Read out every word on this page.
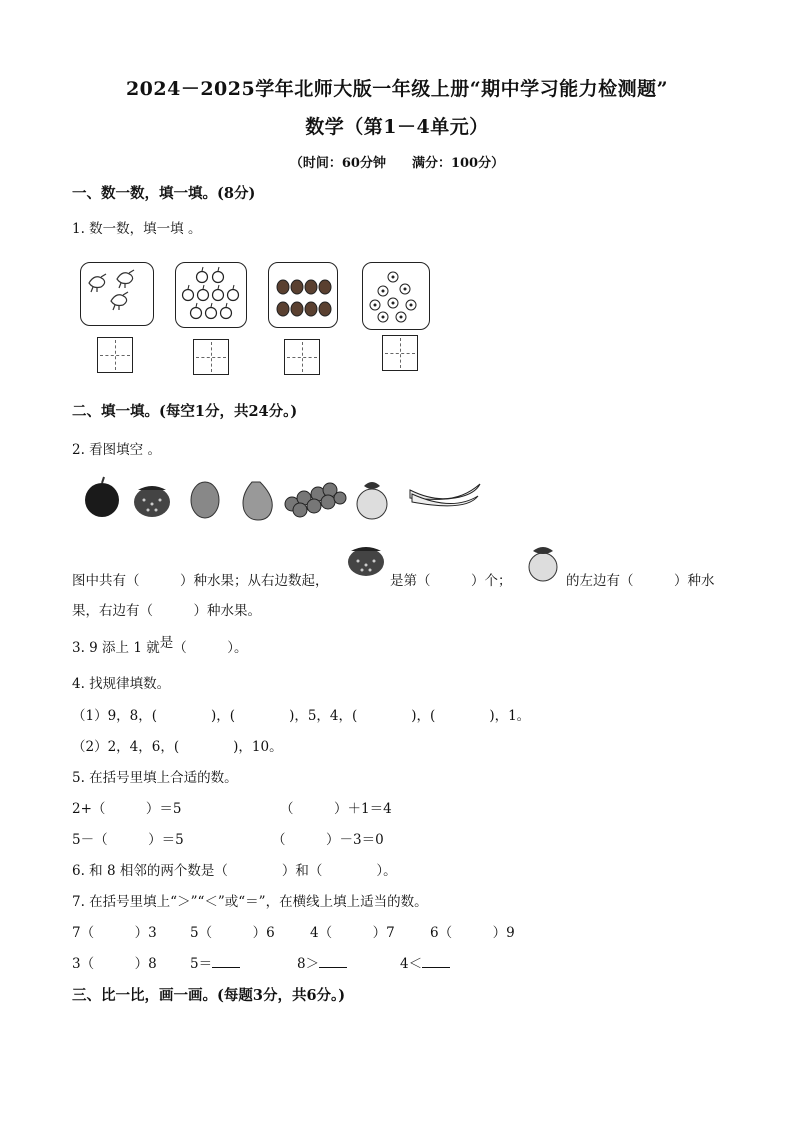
2024－2025学年北师大版一年级上册“期中学习能力检测题”
数学（第1－4单元）
（时间：60分钟　　满分：100分）
一、数一数，填一填。(8分)
1. 数一数，填一填 。
二、填一填。(每空1分，共24分。)
2. 看图填空 。
图中共有（　　　）种水果；从右边数起，	是第（　　　）个；	的左边有（　　　）种水
果，右边有（　　　）种水果。
3. 9 添上 1 就是（　　　）。
4. 找规律填数。
（1）9，8，(　　　　)，(　　　　)，5，4，(　　　　)，(　　　　)，1。
（2）2，4，6，(　　　　)，10。
5. 在括号里填上合适的数。
2+（　　　）＝5	（　　　）＋1＝4
5－（　　　）＝5	（　　　）－3＝0
6. 和 8 相邻的两个数是（　　　　）和（　　　　）。
7. 在括号里填上“＞”“＜”或“＝”，在横线上填上适当的数。
7（　　　）3 5（　　　）6	4（　　　）7	6（　　　）9
3（　　　）8 5＝	8＞	4＜
三、比一比，画一画。(每题3分，共6分。)
